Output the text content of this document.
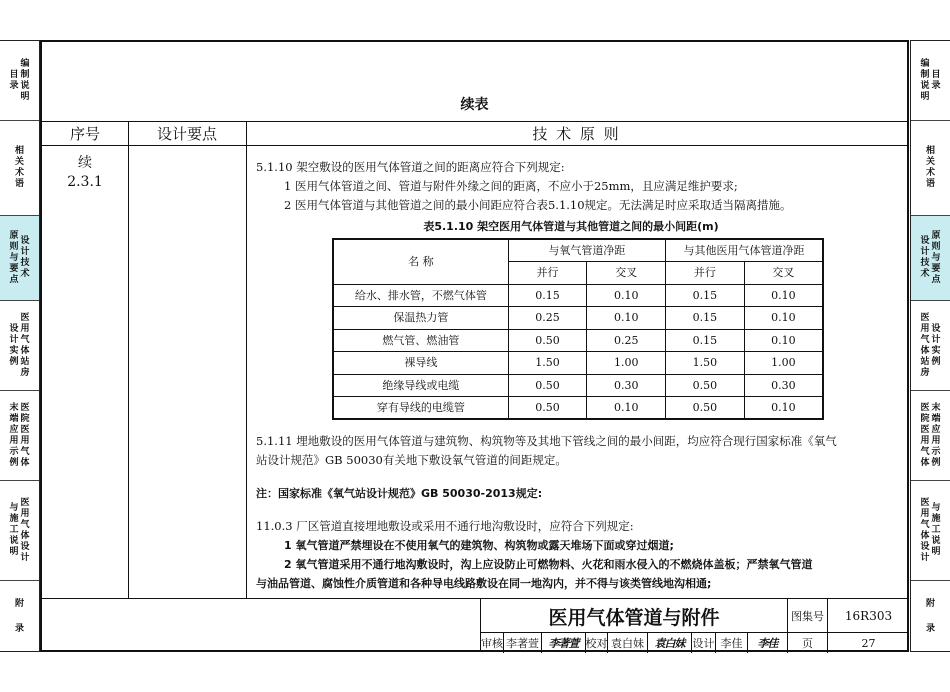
目
录
编
制
说
明
相
关
术
语
原
则
与
要
点
设
计
技
术
设
计
实
例
医
用
气
体
站
房
末
端
应
用
示
例
医
院
医
用
气
体
与
施
工
说
明
医
用
气
体
设
计
附
录
编
制
说
明
目
录
相
关
术
语
设
计
技
术
原
则
与
要
点
医
用
气
体
站
房
设
计
实
例
医
院
医
用
气
体
末
端
应
用
示
例
医
用
气
体
设
计
与
施
工
说
明
附
录
续表
序号	设计要点	技 术 原 则
续
2.3.1

5.1.10 架空敷设的医用气体管道之间的距离应符合下列规定:

1 医用气体管道之间、管道与附件外缘之间的距离，不应小于25mm，且应满足维护要求;

2 医用气体管道与其他管道之间的最小间距应符合表5.1.10规定。无法满足时应采取适当隔离措施。

表5.1.10 架空医用气体管道与其他管道之间的最小间距(m)
名 称	与氧气管道净距		与其他医用气体管道净距	
	并行	交叉	并行	交叉
给水、排水管，不燃气体管	0.15	0.10	0.15	0.10
保温热力管	0.25	0.10	0.15	0.10
燃气管、燃油管	0.50	0.25	0.15	0.10
裸导线	1.50	1.00	1.50	1.00
绝缘导线或电缆	0.50	0.30	0.50	0.30
穿有导线的电缆管	0.50	0.10	0.50	0.10

5.1.11 埋地敷设的医用气体管道与建筑物、构筑物等及其地下管线之间的最小间距，均应符合现行国家标准《氧气

站设计规范》GB 50030有关地下敷设氧气管道的间距规定。

注：国家标准《氧气站设计规范》GB 50030-2013规定:

11.0.3 厂区管道直接埋地敷设或采用不通行地沟敷设时，应符合下列规定:

1 氧气管道严禁埋设在不使用氧气的建筑物、构筑物或露天堆场下面或穿过烟道;

2 氧气管道采用不通行地沟敷设时，沟上应设防止可燃物料、火花和雨水侵入的不燃烧体盖板；严禁氧气管道

与油品管道、腐蚀性介质管道和各种导电线路敷设在同一地沟内，并不得与该类管线地沟相通;

医用气体管道与附件	图集号	16R303
审核 李著萱 李著萱 校对 袁白妹 袁白妹 设计 李佳	李佳	页	27
